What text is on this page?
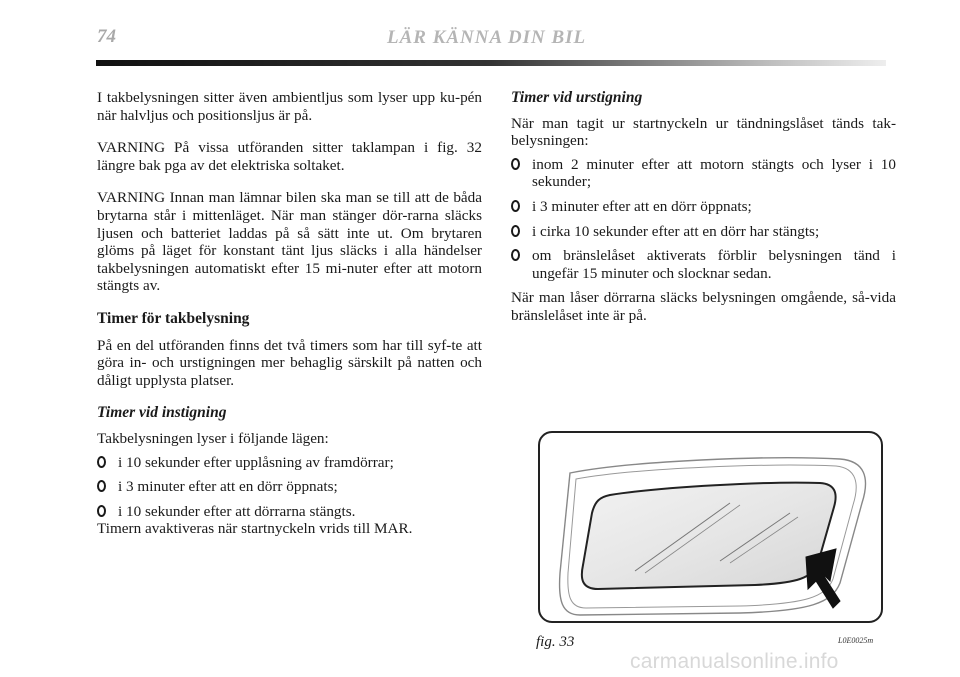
74	LÄR KÄNNA DIN BIL

I takbelysningen sitter även ambientljus som lyser upp ku-pén när halvljus och positionsljus är på.

VARNING På vissa utföranden sitter taklampan i fig. 32 längre bak pga av det elektriska soltaket.

VARNING Innan man lämnar bilen ska man se till att de båda brytarna står i mittenläget. När man stänger dör-rarna släcks ljusen och batteriet laddas på så sätt inte ut. Om brytaren glöms på läget för konstant tänt ljus släcks i alla händelser takbelysningen automatiskt efter 15 mi-nuter efter att motorn stängts av.

Timer för takbelysning

På en del utföranden finns det två timers som har till syf-te att göra in- och urstigningen mer behaglig särskilt på natten och dåligt upplysta platser.

Timer vid instigning

Takbelysningen lyser i följande lägen:

i 10 sekunder efter upplåsning av framdörrar;
i 3 minuter efter att en dörr öppnats;
i 10 sekunder efter att dörrarna stängts.

Timern avaktiveras när startnyckeln vrids till MAR.

Timer vid urstigning

När man tagit ur startnyckeln ur tändningslåset tänds tak-belysningen:

inom 2 minuter efter att motorn stängts och lyser i 10 sekunder;
i 3 minuter efter att en dörr öppnats;
i cirka 10 sekunder efter att en dörr har stängts;
om bränslelåset aktiverats förblir belysningen tänd i ungefär 15 minuter och slocknar sedan.

När man låser dörrarna släcks belysningen omgående, så-vida bränslelåset inte är på.

fig. 33	L0E0025m
carmanualsonline.info
